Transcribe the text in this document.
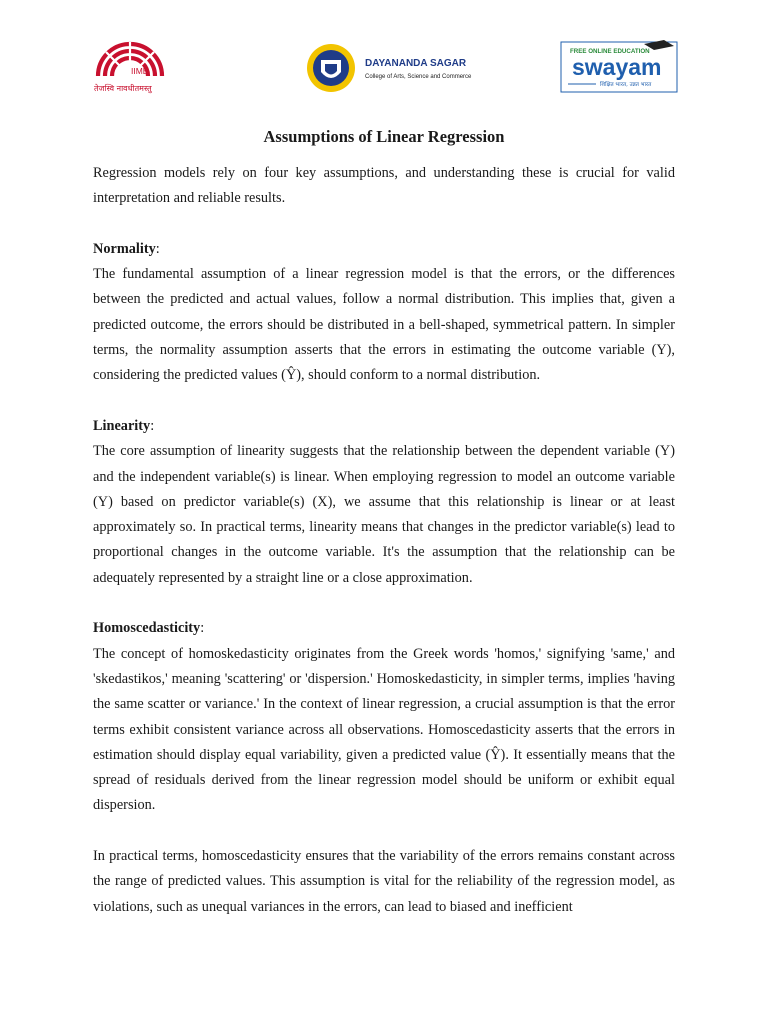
IIMB
तेजस्वि नावधीतमस्तु
DAYANANDA SAGAR
College of Arts, Science and Commerce
FREE ONLINE EDUCATION
swayam
शिक्षित भारत, उन्नत भारत
Assumptions of Linear Regression

Regression models rely on four key assumptions, and understanding these is crucial for valid interpretation and reliable results.

Normality:

The fundamental assumption of a linear regression model is that the errors, or the differences between the predicted and actual values, follow a normal distribution. This implies that, given a predicted outcome, the errors should be distributed in a bell-shaped, symmetrical pattern. In simpler terms, the normality assumption asserts that the errors in estimating the outcome variable (Y), considering the predicted values (Ŷ), should conform to a normal distribution.

Linearity:

The core assumption of linearity suggests that the relationship between the dependent variable (Y) and the independent variable(s) is linear. When employing regression to model an outcome variable (Y) based on predictor variable(s) (X), we assume that this relationship is linear or at least approximately so. In practical terms, linearity means that changes in the predictor variable(s) lead to proportional changes in the outcome variable. It's the assumption that the relationship can be adequately represented by a straight line or a close approximation.

Homoscedasticity:

The concept of homoskedasticity originates from the Greek words 'homos,' signifying 'same,' and 'skedastikos,' meaning 'scattering' or 'dispersion.' Homoskedasticity, in simpler terms, implies 'having the same scatter or variance.' In the context of linear regression, a crucial assumption is that the error terms exhibit consistent variance across all observations. Homoscedasticity asserts that the errors in estimation should display equal variability, given a predicted value (Ŷ). It essentially means that the spread of residuals derived from the linear regression model should be uniform or exhibit equal dispersion.

In practical terms, homoscedasticity ensures that the variability of the errors remains constant across the range of predicted values. This assumption is vital for the reliability of the regression model, as violations, such as unequal variances in the errors, can lead to biased and inefficient
